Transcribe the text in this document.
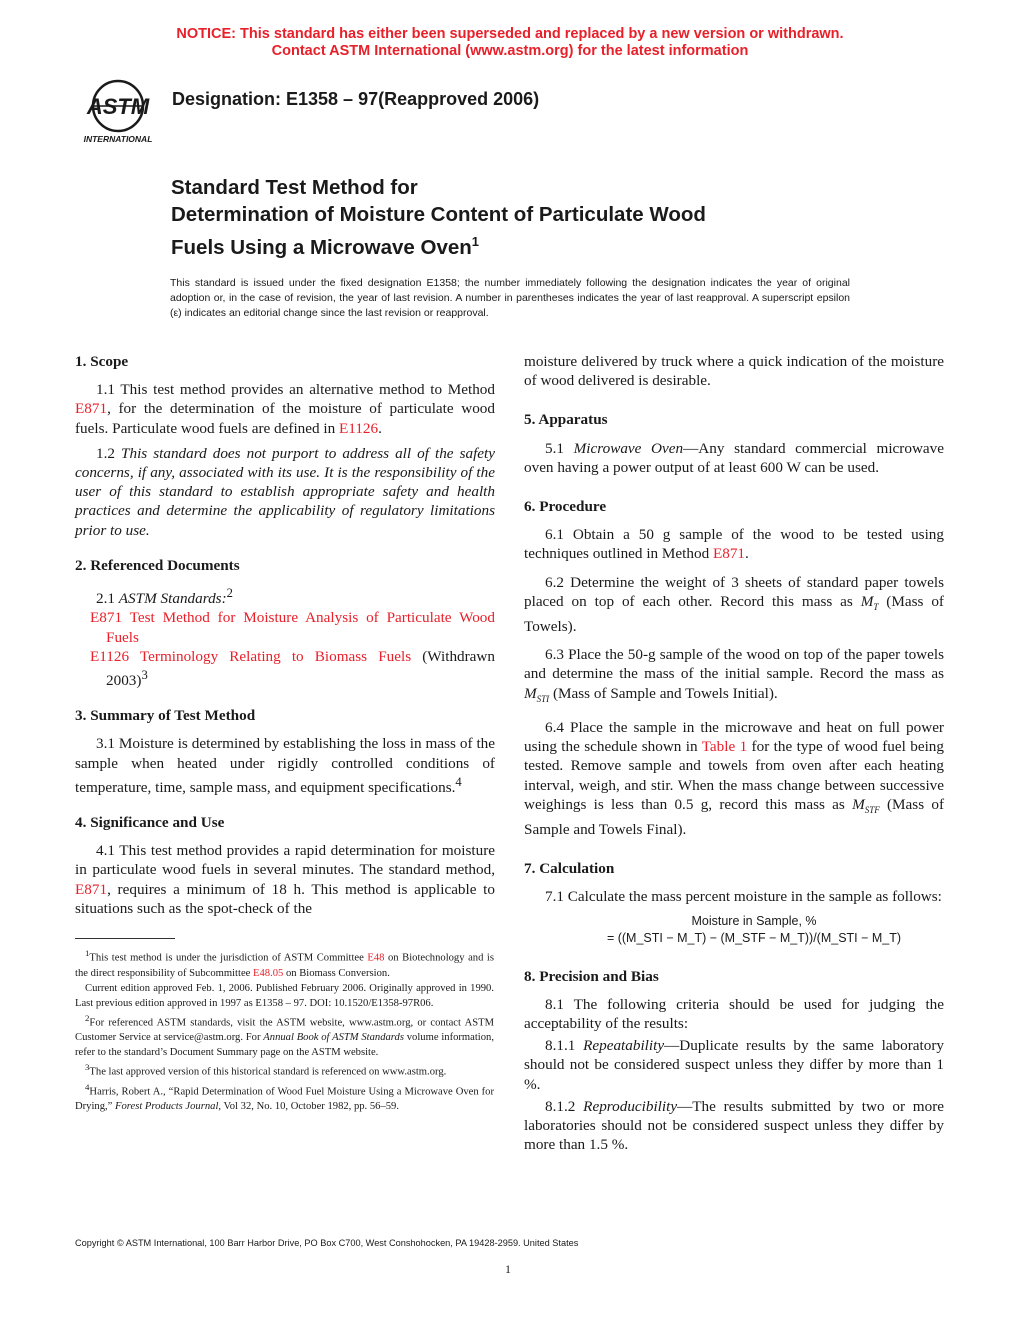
NOTICE: This standard has either been superseded and replaced by a new version or withdrawn.
Contact ASTM International (www.astm.org) for the latest information
ASTM
INTERNATIONAL
Designation: E1358 – 97(Reapproved 2006)
Standard Test Method for
Determination of Moisture Content of Particulate Wood
Fuels Using a Microwave Oven$^1$
This standard is issued under the fixed designation E1358; the number immediately following the designation indicates the year of original adoption or, in the case of revision, the year of last revision. A number in parentheses indicates the year of last reapproval. A superscript epsilon (ε) indicates an editorial change since the last revision or reapproval.
1. Scope

1.1 This test method provides an alternative method to Method E871, for the determination of the moisture of particulate wood fuels. Particulate wood fuels are defined in E1126.

1.2 This standard does not purport to address all of the safety concerns, if any, associated with its use. It is the responsibility of the user of this standard to establish appropriate safety and health practices and determine the applicability of regulatory limitations prior to use.

2. Referenced Documents

2.1 ASTM Standards:$^2$

E871 Test Method for Moisture Analysis of Particulate Wood Fuels

E1126 Terminology Relating to Biomass Fuels (Withdrawn 2003)$^3$

3. Summary of Test Method

3.1 Moisture is determined by establishing the loss in mass of the sample when heated under rigidly controlled conditions of temperature, time, sample mass, and equipment specifications.$^4$

4. Significance and Use

4.1 This test method provides a rapid determination for moisture in particulate wood fuels in several minutes. The standard method, E871, requires a minimum of 18 h. This method is applicable to situations such as the spot-check of the

$^1$This test method is under the jurisdiction of ASTM Committee E48 on Biotechnology and is the direct responsibility of Subcommittee E48.05 on Biomass Conversion.

Current edition approved Feb. 1, 2006. Published February 2006. Originally approved in 1990. Last previous edition approved in 1997 as E1358 – 97. DOI: 10.1520/E1358-97R06.

$^2$For referenced ASTM standards, visit the ASTM website, www.astm.org, or contact ASTM Customer Service at service@astm.org. For Annual Book of ASTM Standards volume information, refer to the standard’s Document Summary page on the ASTM website.

$^3$The last approved version of this historical standard is referenced on www.astm.org.

$^4$Harris, Robert A., “Rapid Determination of Wood Fuel Moisture Using a Microwave Oven for Drying,” Forest Products Journal, Vol 32, No. 10, October 1982, pp. 56–59.

moisture delivered by truck where a quick indication of the moisture of wood delivered is desirable.

5. Apparatus

5.1 Microwave Oven—Any standard commercial microwave oven having a power output of at least 600 W can be used.

6. Procedure

6.1 Obtain a 50 g sample of the wood to be tested using techniques outlined in Method E871.

6.2 Determine the weight of 3 sheets of standard paper towels placed on top of each other. Record this mass as $M_T$ (Mass of Towels).

6.3 Place the 50-g sample of the wood on top of the paper towels and determine the mass of the initial sample. Record the mass as $M_{STI}$ (Mass of Sample and Towels Initial).

6.4 Place the sample in the microwave and heat on full power using the schedule shown in Table 1 for the type of wood fuel being tested. Remove sample and towels from oven after each heating interval, weigh, and stir. When the mass change between successive weighings is less than 0.5 g, record this mass as $M_{STF}$ (Mass of Sample and Towels Final).

7. Calculation

7.1 Calculate the mass percent moisture in the sample as follows:

Moisture in Sample, %
= ((M_STI − M_T) − (M_STF − M_T))/(M_STI − M_T)
8. Precision and Bias

8.1 The following criteria should be used for judging the acceptability of the results:

8.1.1 Repeatability—Duplicate results by the same laboratory should not be considered suspect unless they differ by more than 1 %.

8.1.2 Reproducibility—The results submitted by two or more laboratories should not be considered suspect unless they differ by more than 1.5 %.

Copyright © ASTM International, 100 Barr Harbor Drive, PO Box C700, West Conshohocken, PA 19428-2959. United States
1
